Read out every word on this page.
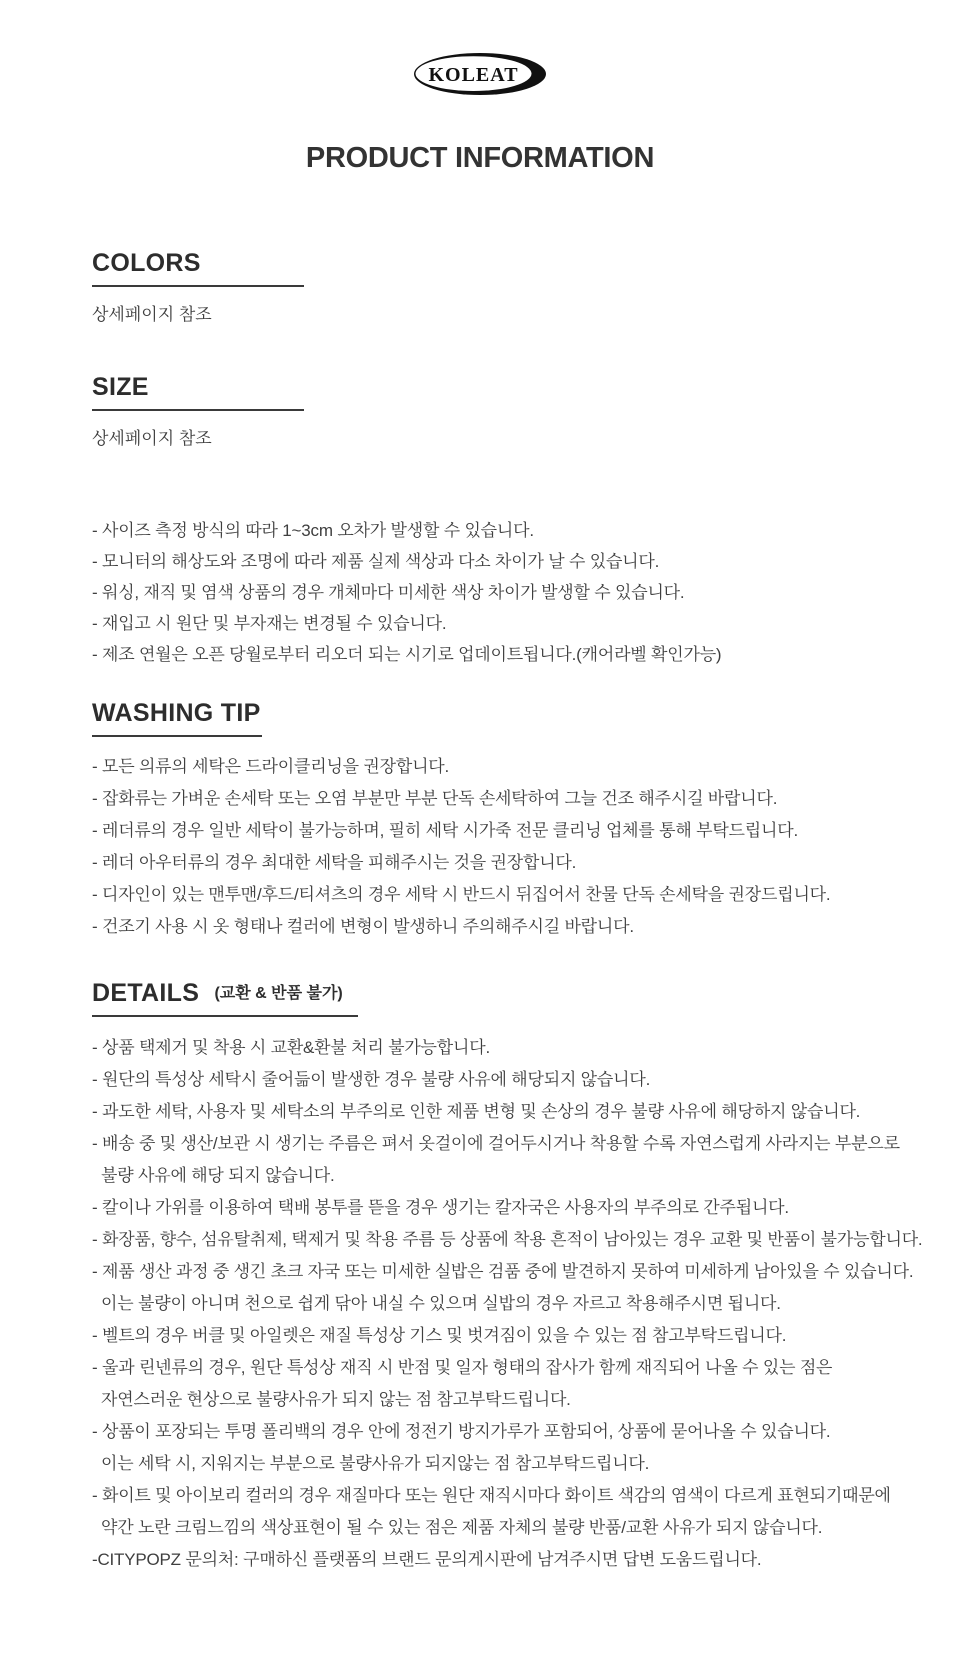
KOLEAT
PRODUCT INFORMATION
COLORS

상세페이지 참조

SIZE

상세페이지 참조

- 사이즈 측정 방식의 따라 1~3cm 오차가 발생할 수 있습니다.
- 모니터의 해상도와 조명에 따라 제품 실제 색상과 다소 차이가 날 수 있습니다.
- 워싱, 재직 및 염색 상품의 경우 개체마다 미세한 색상 차이가 발생할 수 있습니다.
- 재입고 시 원단 및 부자재는 변경될 수 있습니다.
- 제조 연월은 오픈 당월로부터 리오더 되는 시기로 업데이트됩니다.(캐어라벨 확인가능)
WASHING TIP
- 모든 의류의 세탁은 드라이클리닝을 권장합니다.
- 잡화류는 가벼운 손세탁 또는 오염 부분만 부분 단독 손세탁하여 그늘 건조 해주시길 바랍니다.
- 레더류의 경우 일반 세탁이 불가능하며, 필히 세탁 시가죽 전문 클리닝 업체를 통해 부탁드립니다.
- 레더 아우터류의 경우 최대한 세탁을 피해주시는 것을 권장합니다.
- 디자인이 있는 맨투맨/후드/티셔츠의 경우 세탁 시 반드시 뒤집어서 찬물 단독 손세탁을 권장드립니다.
- 건조기 사용 시 옷 형태나 컬러에 변형이 발생하니 주의해주시길 바랍니다.
DETAILS (교환 & 반품 불가)
- 상품 택제거 및 착용 시 교환&환불 처리 불가능합니다.
- 원단의 특성상 세탁시 줄어듦이 발생한 경우 불량 사유에 해당되지 않습니다.
- 과도한 세탁, 사용자 및 세탁소의 부주의로 인한 제품 변형 및 손상의 경우 불량 사유에 해당하지 않습니다.
- 배송 중 및 생산/보관 시 생기는 주름은 펴서 옷걸이에 걸어두시거나 착용할 수록 자연스럽게 사라지는 부분으로
불량 사유에 해당 되지 않습니다.
- 칼이나 가위를 이용하여 택배 봉투를 뜯을 경우 생기는 칼자국은 사용자의 부주의로 간주됩니다.
- 화장품, 향수, 섬유탈취제, 택제거 및 착용 주름 등 상품에 착용 흔적이 남아있는 경우 교환 및 반품이 불가능합니다.
- 제품 생산 과정 중 생긴 초크 자국 또는 미세한 실밥은 검품 중에 발견하지 못하여 미세하게 남아있을 수 있습니다.
이는 불량이 아니며 천으로 쉽게 닦아 내실 수 있으며 실밥의 경우 자르고 착용해주시면 됩니다.
- 벨트의 경우 버클 및 아일렛은 재질 특성상 기스 및 벗겨짐이 있을 수 있는 점 참고부탁드립니다.
- 울과 린넨류의 경우, 원단 특성상 재직 시 반점 및 일자 형태의 잡사가 함께 재직되어 나올 수 있는 점은
자연스러운 현상으로 불량사유가 되지 않는 점 참고부탁드립니다.
- 상품이 포장되는 투명 폴리백의 경우 안에 정전기 방지가루가 포함되어, 상품에 묻어나올 수 있습니다.
이는 세탁 시, 지워지는 부분으로 불량사유가 되지않는 점 참고부탁드립니다.
- 화이트 및 아이보리 컬러의 경우 재질마다 또는 원단 재직시마다 화이트 색감의 염색이 다르게 표현되기때문에
약간 노란 크림느낌의 색상표현이 될 수 있는 점은 제품 자체의 불량 반품/교환 사유가 되지 않습니다.
-CITYPOPZ 문의처: 구매하신 플랫폼의 브랜드 문의게시판에 남겨주시면 답변 도움드립니다.
